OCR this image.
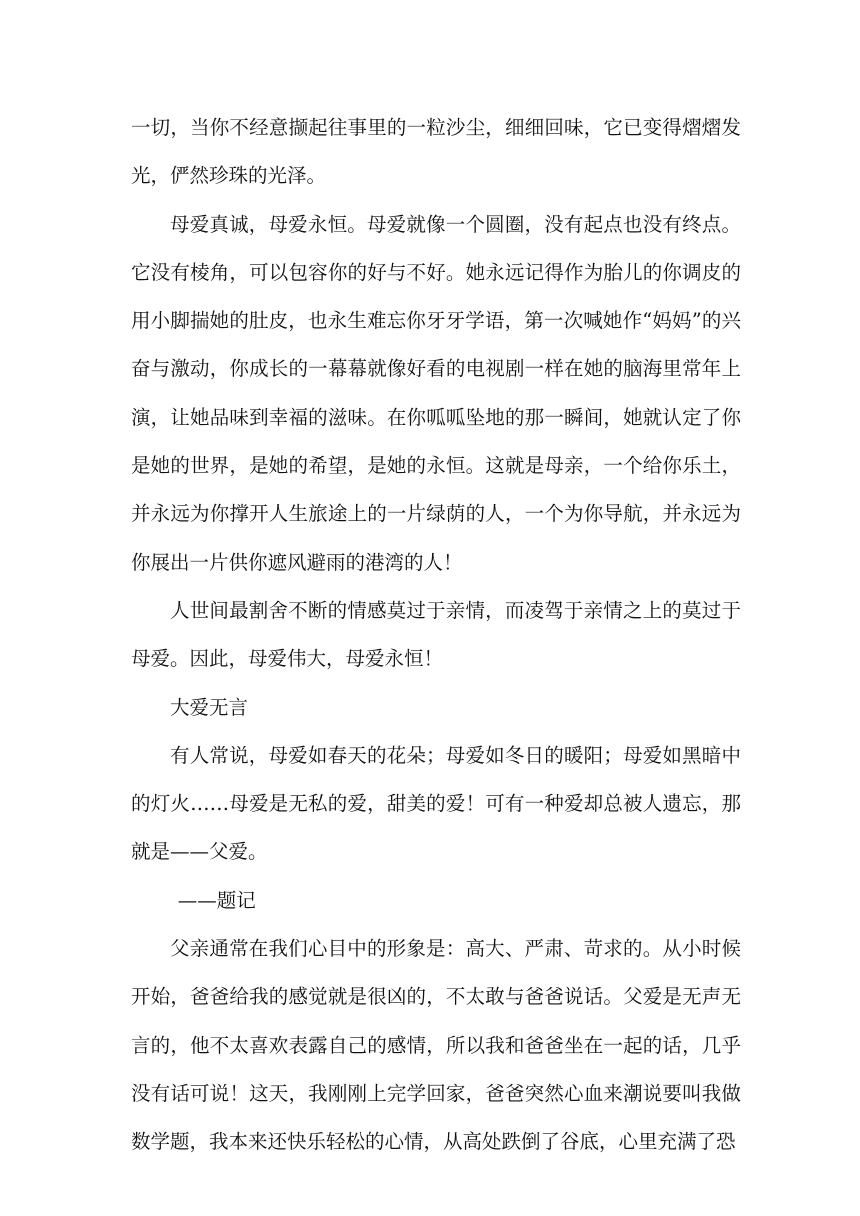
一切，当你不经意撷起往事里的一粒沙尘，细细回味，它已变得熠熠发光，俨然珍珠的光泽。

母爱真诚，母爱永恒。母爱就像一个圆圈，没有起点也没有终点。它没有棱角，可以包容你的好与不好。她永远记得作为胎儿的你调皮的用小脚揣她的肚皮，也永生难忘你牙牙学语，第一次喊她作“妈妈”的兴奋与激动，你成长的一幕幕就像好看的电视剧一样在她的脑海里常年上演，让她品味到幸福的滋味。在你呱呱坠地的那一瞬间，她就认定了你是她的世界，是她的希望，是她的永恒。这就是母亲，一个给你乐土，并永远为你撑开人生旅途上的一片绿荫的人，一个为你导航，并永远为你展出一片供你遮风避雨的港湾的人！

人世间最割舍不断的情感莫过于亲情，而凌驾于亲情之上的莫过于母爱。因此，母爱伟大，母爱永恒！

大爱无言

有人常说，母爱如春天的花朵；母爱如冬日的暖阳；母爱如黑暗中的灯火……母爱是无私的爱，甜美的爱！可有一种爱却总被人遗忘，那就是——父爱。

——题记

父亲通常在我们心目中的形象是：高大、严肃、苛求的。从小时候开始，爸爸给我的感觉就是很凶的，不太敢与爸爸说话。父爱是无声无言的，他不太喜欢表露自己的感情，所以我和爸爸坐在一起的话，几乎没有话可说！这天，我刚刚上完学回家，爸爸突然心血来潮说要叫我做数学题，我本来还快乐轻松的心情，从高处跌倒了谷底，心里充满了恐
